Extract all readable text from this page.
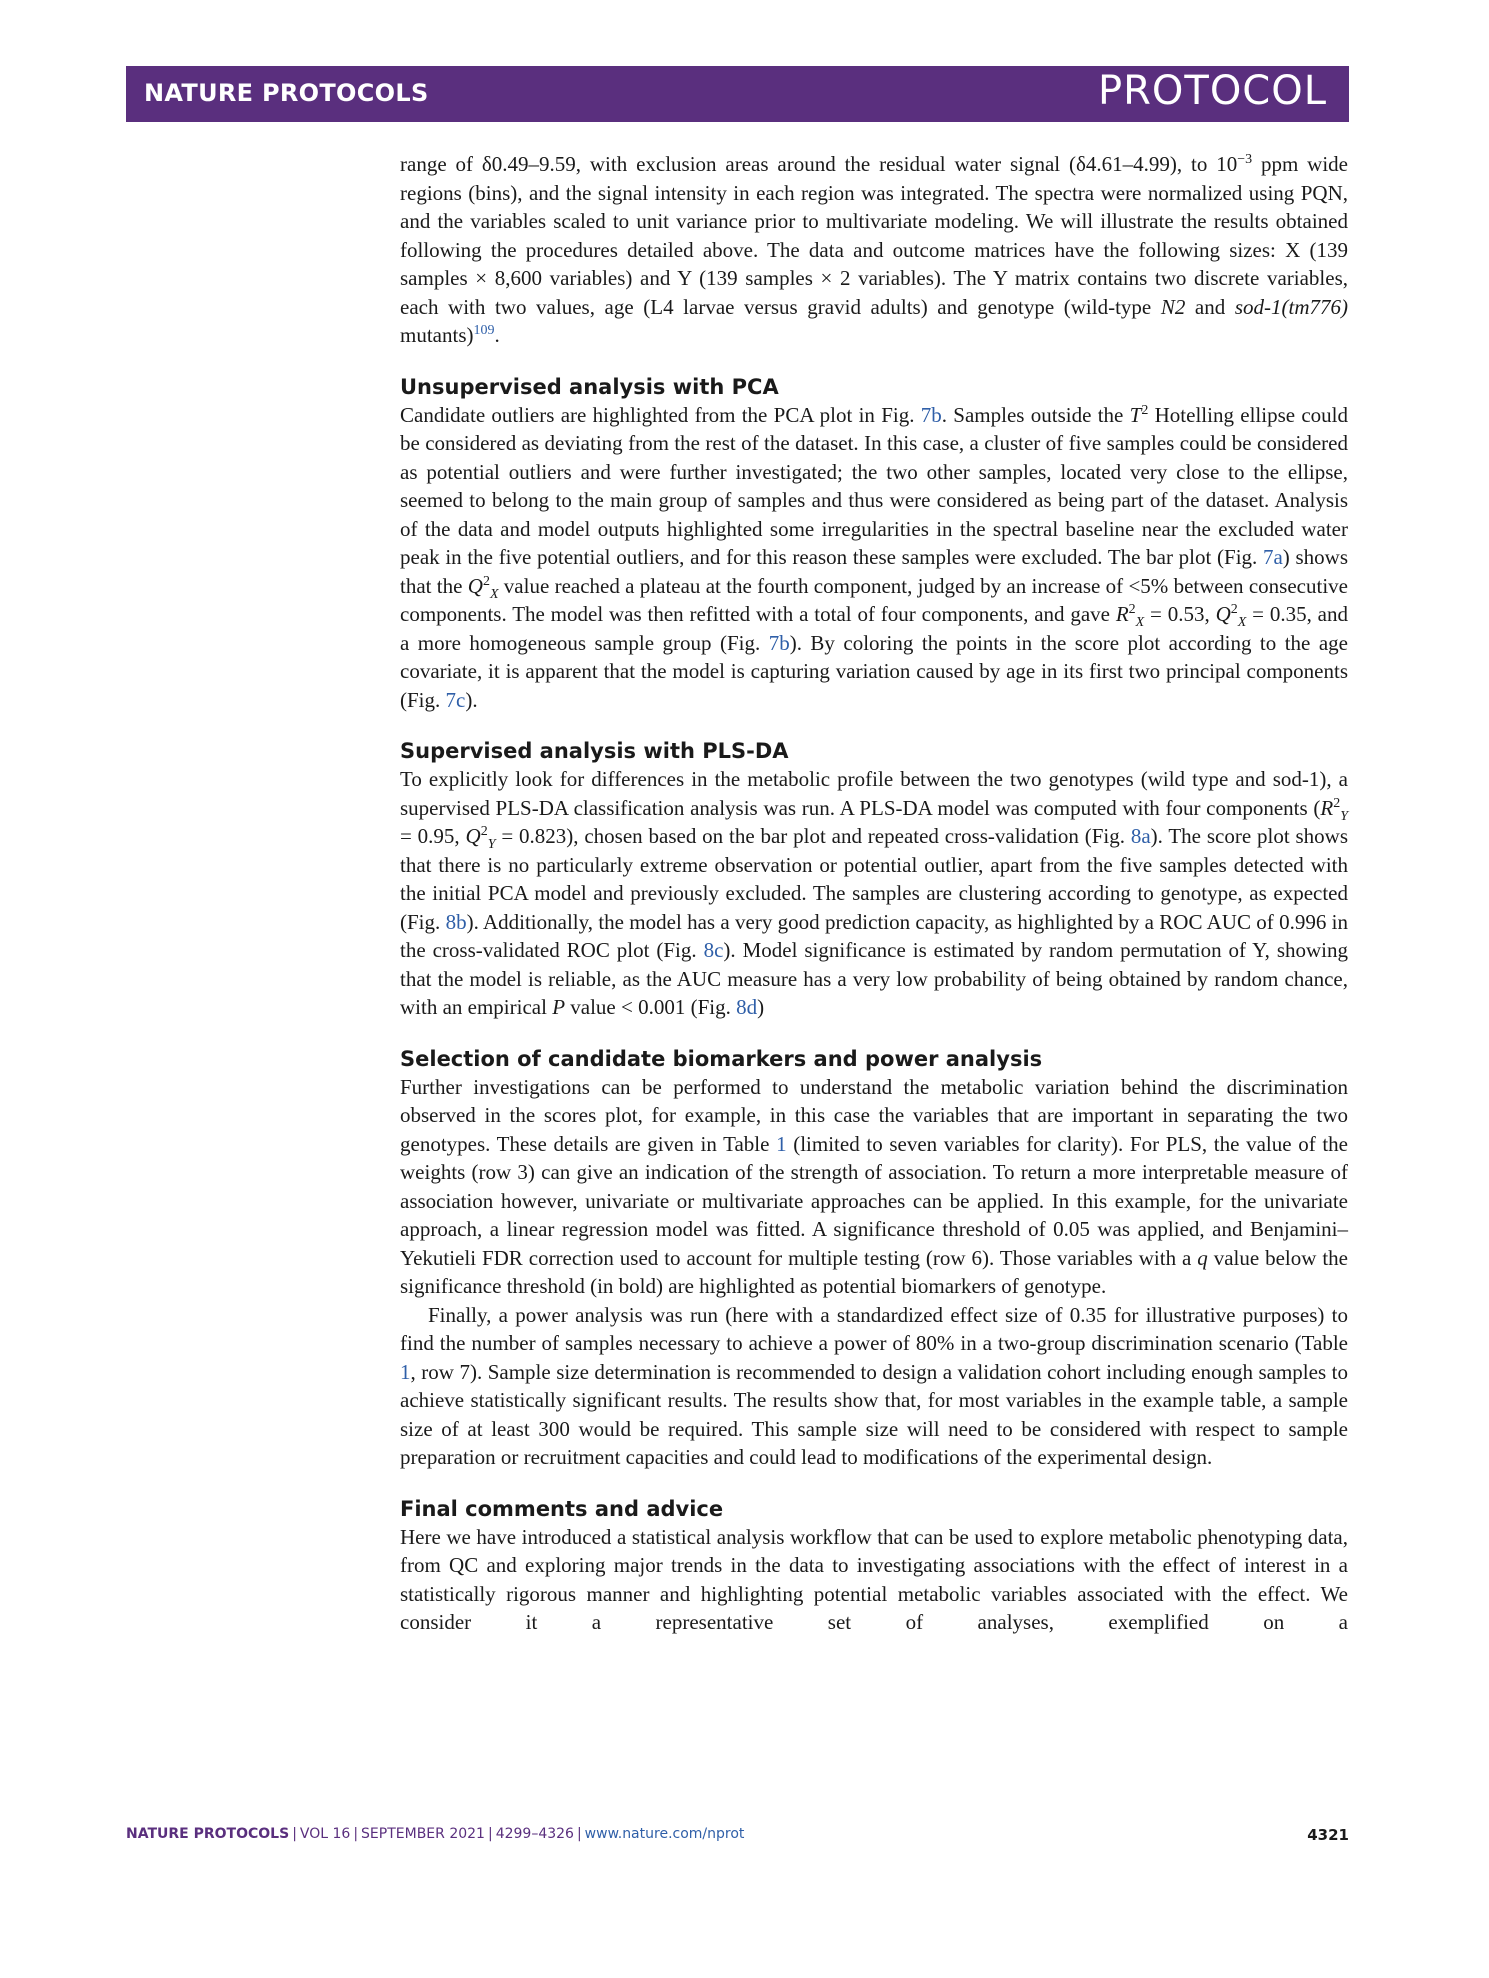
NATURE PROTOCOLS	PROTOCOL

range of δ0.49–9.59, with exclusion areas around the residual water signal (δ4.61–4.99), to $10^{-3}$ ppm wide regions (bins), and the signal intensity in each region was integrated. The spectra were normalized using PQN, and the variables scaled to unit variance prior to multivariate modeling. We will illustrate the results obtained following the procedures detailed above. The data and outcome matrices have the following sizes: X (139 samples × 8,600 variables) and Y (139 samples × 2 variables). The Y matrix contains two discrete variables, each with two values, age (L4 larvae versus gravid adults) and genotype (wild-type N2 and sod-1(tm776) mutants)$^{109}$.

Unsupervised analysis with PCA

Candidate outliers are highlighted from the PCA plot in Fig. 7b. Samples outside the $T^2$ Hotelling ellipse could be considered as deviating from the rest of the dataset. In this case, a cluster of five samples could be considered as potential outliers and were further investigated; the two other samples, located very close to the ellipse, seemed to belong to the main group of samples and thus were considered as being part of the dataset. Analysis of the data and model outputs highlighted some irregularities in the spectral baseline near the excluded water peak in the five potential outliers, and for this reason these samples were excluded. The bar plot (Fig. 7a) shows that the $Q^2_X$ value reached a plateau at the fourth component, judged by an increase of <5% between consecutive components. The model was then refitted with a total of four components, and gave $R^2_X = 0.53$, $Q^2_X = 0.35$, and a more homogeneous sample group (Fig. 7b). By coloring the points in the score plot according to the age covariate, it is apparent that the model is capturing variation caused by age in its first two principal components (Fig. 7c).

Supervised analysis with PLS-DA

To explicitly look for differences in the metabolic profile between the two genotypes (wild type and sod-1), a supervised PLS-DA classification analysis was run. A PLS-DA model was computed with four components ($R^2_Y = 0.95$, $Q^2_Y = 0.823$), chosen based on the bar plot and repeated cross-validation (Fig. 8a). The score plot shows that there is no particularly extreme observation or potential outlier, apart from the five samples detected with the initial PCA model and previously excluded. The samples are clustering according to genotype, as expected (Fig. 8b). Additionally, the model has a very good prediction capacity, as highlighted by a ROC AUC of 0.996 in the cross-validated ROC plot (Fig. 8c). Model significance is estimated by random permutation of Y, showing that the model is reliable, as the AUC measure has a very low probability of being obtained by random chance, with an empirical P value < 0.001 (Fig. 8d)

Selection of candidate biomarkers and power analysis

Further investigations can be performed to understand the metabolic variation behind the discrimination observed in the scores plot, for example, in this case the variables that are important in separating the two genotypes. These details are given in Table 1 (limited to seven variables for clarity). For PLS, the value of the weights (row 3) can give an indication of the strength of association. To return a more interpretable measure of association however, univariate or multivariate approaches can be applied. In this example, for the univariate approach, a linear regression model was fitted. A significance threshold of 0.05 was applied, and Benjamini–Yekutieli FDR correction used to account for multiple testing (row 6). Those variables with a q value below the significance threshold (in bold) are highlighted as potential biomarkers of genotype.

Finally, a power analysis was run (here with a standardized effect size of 0.35 for illustrative purposes) to find the number of samples necessary to achieve a power of 80% in a two-group discrimination scenario (Table 1, row 7). Sample size determination is recommended to design a validation cohort including enough samples to achieve statistically significant results. The results show that, for most variables in the example table, a sample size of at least 300 would be required. This sample size will need to be considered with respect to sample preparation or recruitment capacities and could lead to modifications of the experimental design.

Final comments and advice

Here we have introduced a statistical analysis workflow that can be used to explore metabolic phenotyping data, from QC and exploring major trends in the data to investigating associations with the effect of interest in a statistically rigorous manner and highlighting potential metabolic variables associated with the effect. We consider it a representative set of analyses, exemplified on a

NATURE PROTOCOLS | VOL 16 | SEPTEMBER 2021 | 4299–4326 | www.nature.com/nprot	4321
